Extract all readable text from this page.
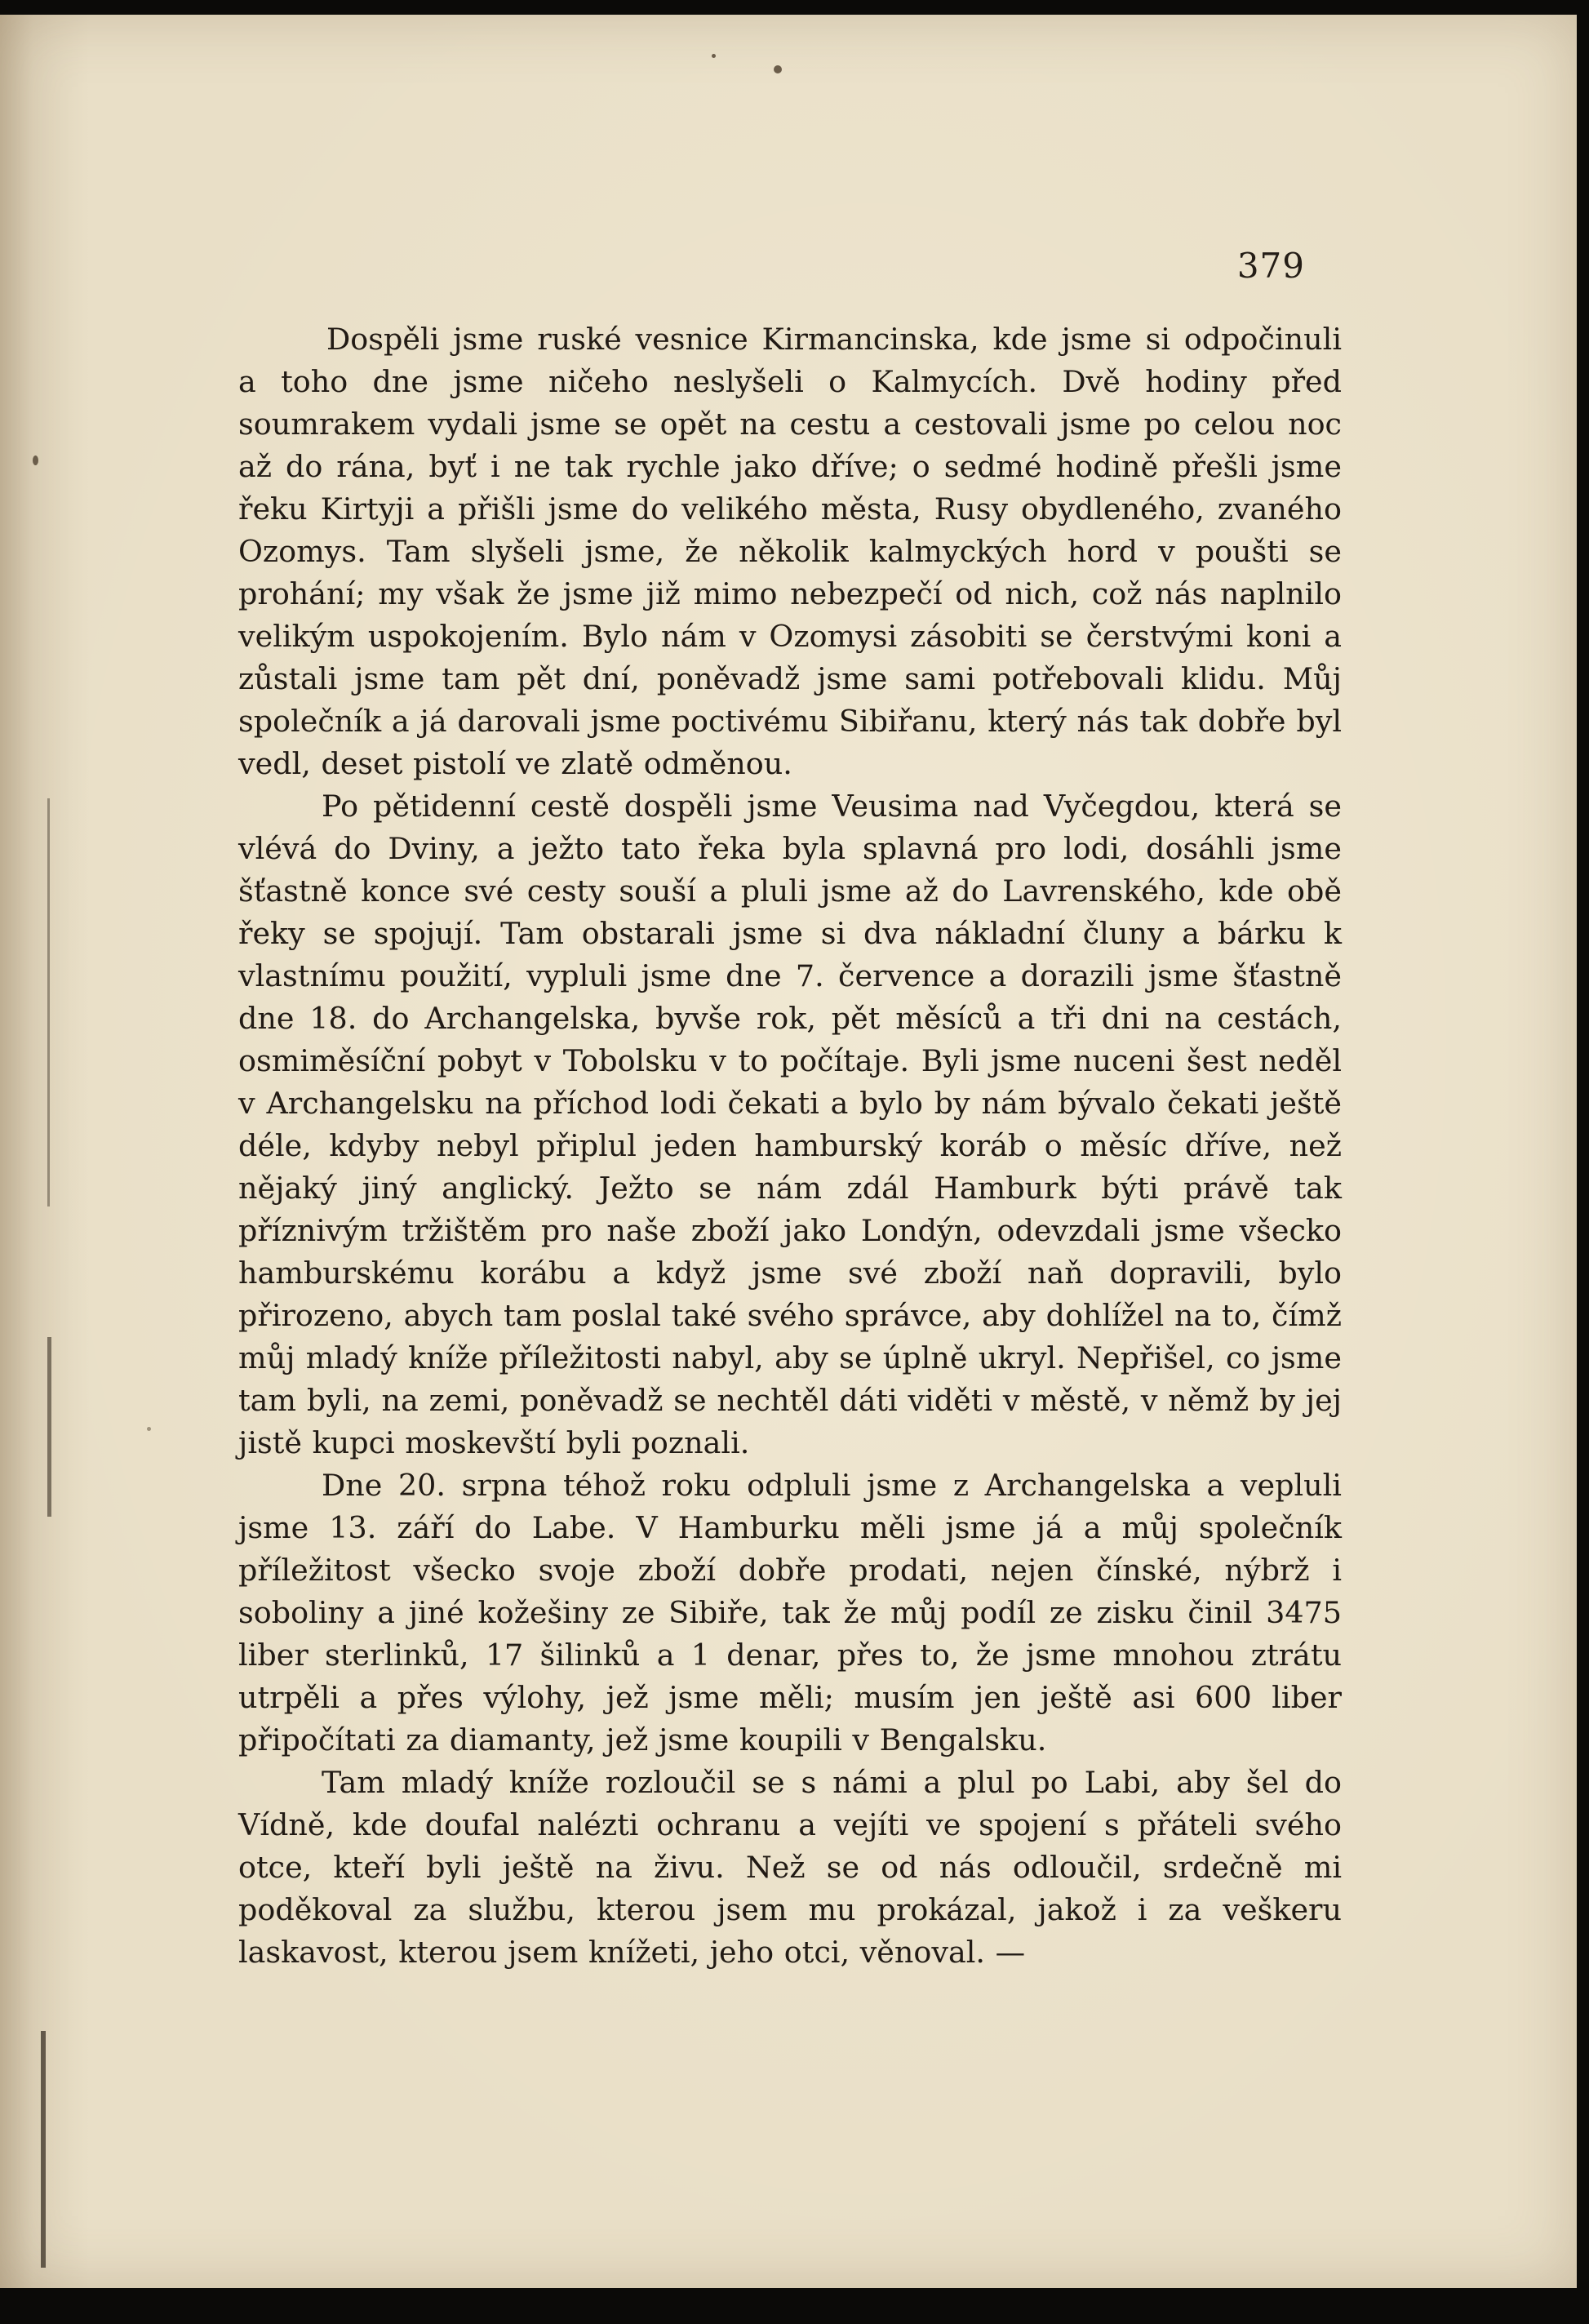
379

Dospěli jsme ruské vesnice Kirmancinska, kde jsme si odpočinuli a toho dne jsme ničeho neslyšeli o Kalmycích. Dvě hodiny před soumrakem vydali jsme se opět na cestu a cestovali jsme po celou noc až do rána, byť i ne tak rychle jako dříve; o sedmé hodině přešli jsme řeku Kirtyji a přišli jsme do velikého města, Rusy obydleného, zvaného Ozomys. Tam slyšeli jsme, že několik kalmyckých hord v poušti se prohání; my však že jsme již mimo nebezpečí od nich, což nás naplnilo velikým uspokojením. Bylo nám v Ozomysi zásobiti se čerstvými koni a zůstali jsme tam pět dní, poněvadž jsme sami potřebovali klidu. Můj společník a já darovali jsme poctivému Sibiřanu, který nás tak dobře byl vedl, deset pistolí ve zlatě odměnou.

Po pětidenní cestě dospěli jsme Veusima nad Vyčegdou, která se vlévá do Dviny, a ježto tato řeka byla splavná pro lodi, dosáhli jsme šťastně konce své cesty souší a pluli jsme až do Lavrenského, kde obě řeky se spojují. Tam obstarali jsme si dva nákladní čluny a bárku k vlastnímu použití, vypluli jsme dne 7. července a dorazili jsme šťastně dne 18. do Archangelska, byvše rok, pět měsíců a tři dni na cestách, osmiměsíční pobyt v Tobolsku v to počítaje. Byli jsme nuceni šest neděl v Archangelsku na příchod lodi čekati a bylo by nám bývalo čekati ještě déle, kdyby nebyl připlul jeden hamburský koráb o měsíc dříve, než nějaký jiný anglický. Ježto se nám zdál Hamburk býti právě tak příznivým tržištěm pro naše zboží jako Londýn, odevzdali jsme všecko hamburskému korábu a když jsme své zboží naň dopravili, bylo přirozeno, abych tam poslal také svého správce, aby dohlížel na to, čímž můj mladý kníže příležitosti nabyl, aby se úplně ukryl. Nepřišel, co jsme tam byli, na zemi, poněvadž se nechtěl dáti viděti v městě, v němž by jej jistě kupci moskevští byli poznali.

Dne 20. srpna téhož roku odpluli jsme z Archangelska a vepluli jsme 13. září do Labe. V Hamburku měli jsme já a můj společník příležitost všecko svoje zboží dobře prodati, nejen čínské, nýbrž i soboliny a jiné kožešiny ze Sibiře, tak že můj podíl ze zisku činil 3475 liber sterlinků, 17 šilinků a 1 denar, přes to, že jsme mnohou ztrátu utrpěli a přes výlohy, jež jsme měli; musím jen ještě asi 600 liber připočítati za diamanty, jež jsme koupili v Bengalsku.

Tam mladý kníže rozloučil se s námi a plul po Labi, aby šel do Vídně, kde doufal nalézti ochranu a vejíti ve spojení s přáteli svého otce, kteří byli ještě na živu. Než se od nás odloučil, srdečně mi poděkoval za službu, kterou jsem mu prokázal, jakož i za veškeru laskavost, kterou jsem knížeti, jeho otci, věnoval. —
